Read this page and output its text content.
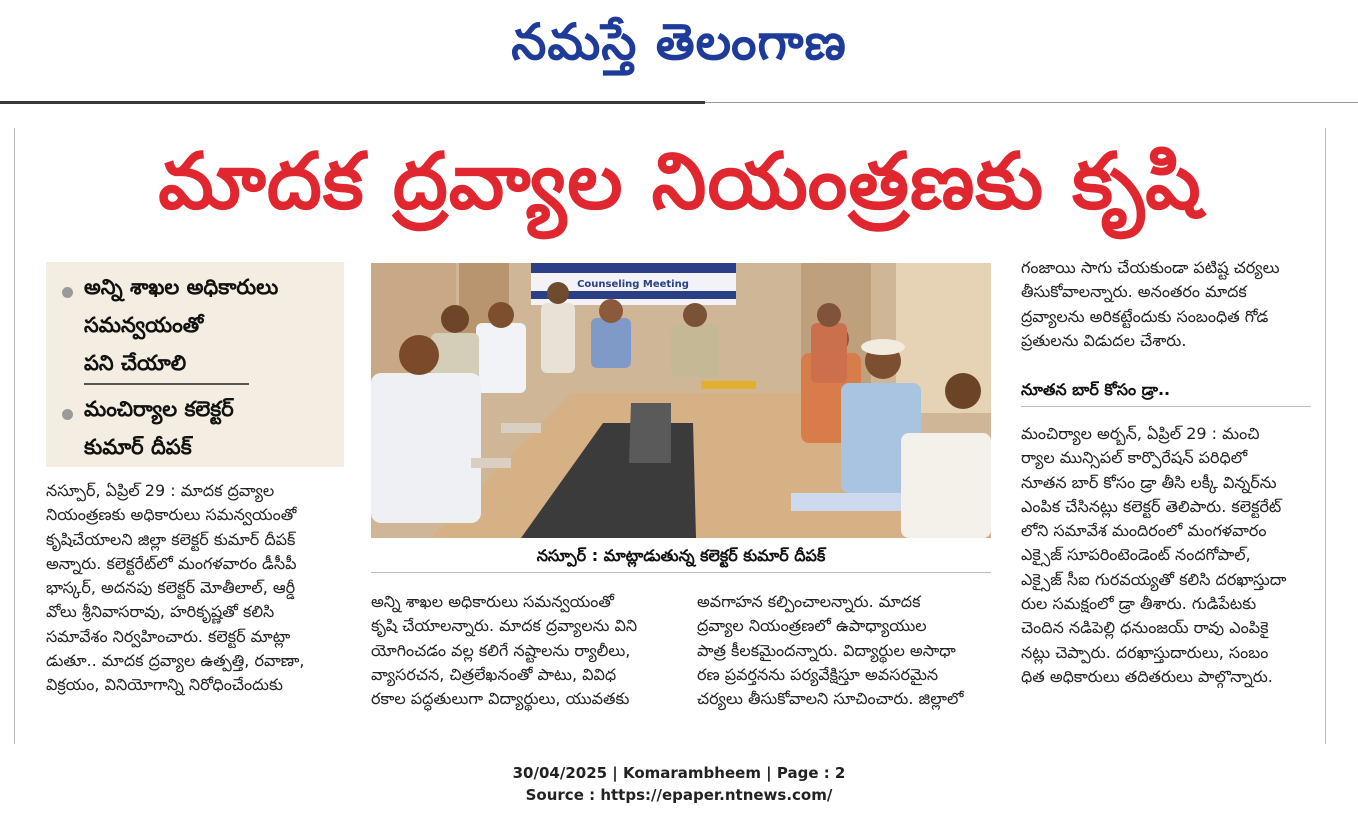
నమస్తే తెలంగాణ
మాదక ద్రవ్యాల నియంత్రణకు కృషి
అన్ని శాఖల అధికారులు
సమన్వయంతో
పని చేయాలి
మంచిర్యాల కలెక్టర్
కుమార్ దీపక్
Counseling Meeting
నస్పూర్ : మాట్లాడుతున్న కలెక్టర్ కుమార్ దీపక్
నస్పూర్, ఏప్రిల్ 29 : మాదక ద్రవ్యాల
నియంత్రణకు అధికారులు సమన్వయంతో
కృషిచేయాలని జిల్లా కలెక్టర్ కుమార్ దీపక్
అన్నారు. కలెక్టరేట్‌లో మంగళవారం డీసీపీ
భాస్కర్, అదనపు కలెక్టర్ మోతీలాల్, ఆర్డీ
వోలు శ్రీనివాసరావు, హరికృష్ణతో కలిసి
సమావేశం నిర్వహించారు. కలెక్టర్ మాట్లా
డుతూ.. మాదక ద్రవ్యాల ఉత్పత్తి, రవాణా,
విక్రయం, వినియోగాన్ని నిరోధించేందుకు
అన్ని శాఖల అధికారులు సమన్వయంతో
కృషి చేయాలన్నారు. మాదక ద్రవ్యాలను విని
యోగించడం వల్ల కలిగే నష్టాలను ర్యాలీలు,
వ్యాసరచన, చిత్రలేఖనంతో పాటు, వివిధ
రకాల పద్ధతులుగా విద్యార్థులు, యువతకు
అవగాహన కల్పించాలన్నారు. మాదక
ద్రవ్యాల నియంత్రణలో ఉపాధ్యాయుల
పాత్ర కీలకమైందన్నారు. విద్యార్థుల అసాధా
రణ ప్రవర్తనను పర్యవేక్షిస్తూ అవసరమైన
చర్యలు తీసుకోవాలని సూచించారు. జిల్లాలో
గంజాయి సాగు చేయకుండా పటిష్ట చర్యలు
తీసుకోవాలన్నారు. అనంతరం మాదక
ద్రవ్యాలను అరికట్టేందుకు సంబంధిత గోడ
ప్రతులను విడుదల చేశారు.
నూతన బార్ కోసం డ్రా..
మంచిర్యాల అర్బన్, ఏప్రిల్ 29 : మంచి
ర్యాల మున్సిపల్ కార్పొరేషన్ పరిధిలో
నూతన బార్ కోసం డ్రా తీసి లక్కీ విన్నర్‌ను
ఎంపిక చేసినట్లు కలెక్టర్ తెలిపారు. కలెక్టరేట్
లోని సమావేశ మందిరంలో మంగళవారం
ఎక్సైజ్ సూపరింటెండెంట్ నందగోపాల్,
ఎక్సైజ్ సీఐ గురవయ్యతో కలిసి దరఖాస్తుదా
రుల సమక్షంలో డ్రా తీశారు. గుడిపేటకు
చెందిన నడిపెల్లి ధనుంజయ్ రావు ఎంపికై
నట్లు చెప్పారు. దరఖాస్తుదారులు, సంబం
ధిత అధికారులు తదితరులు పాల్గొన్నారు.
30/04/2025 | Komarambheem | Page : 2
Source : https://epaper.ntnews.com/
